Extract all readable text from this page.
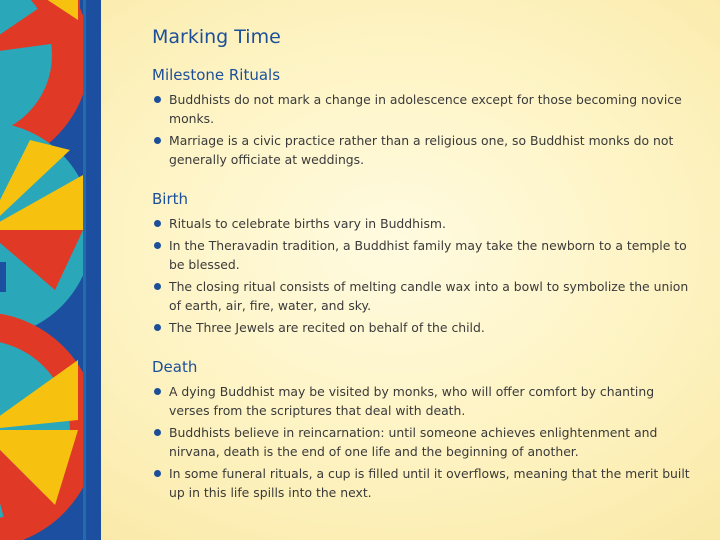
Marking Time
Milestone Rituals
Buddhists do not mark a change in adolescence except for those becoming novice monks.
Marriage is a civic practice rather than a religious one, so Buddhist monks do not generally officiate at weddings.
Birth
Rituals to celebrate births vary in Buddhism.
In the Theravadin tradition, a Buddhist family may take the newborn to a temple to be blessed.
The closing ritual consists of melting candle wax into a bowl to symbolize the union of earth, air, fire, water, and sky.
The Three Jewels are recited on behalf of the child.
Death
A dying Buddhist may be visited by monks, who will offer comfort by chanting verses from the scriptures that deal with death.
Buddhists believe in reincarnation: until someone achieves enlightenment and nirvana, death is the end of one life and the beginning of another.
In some funeral rituals, a cup is filled until it overflows, meaning that the merit built up in this life spills into the next.
